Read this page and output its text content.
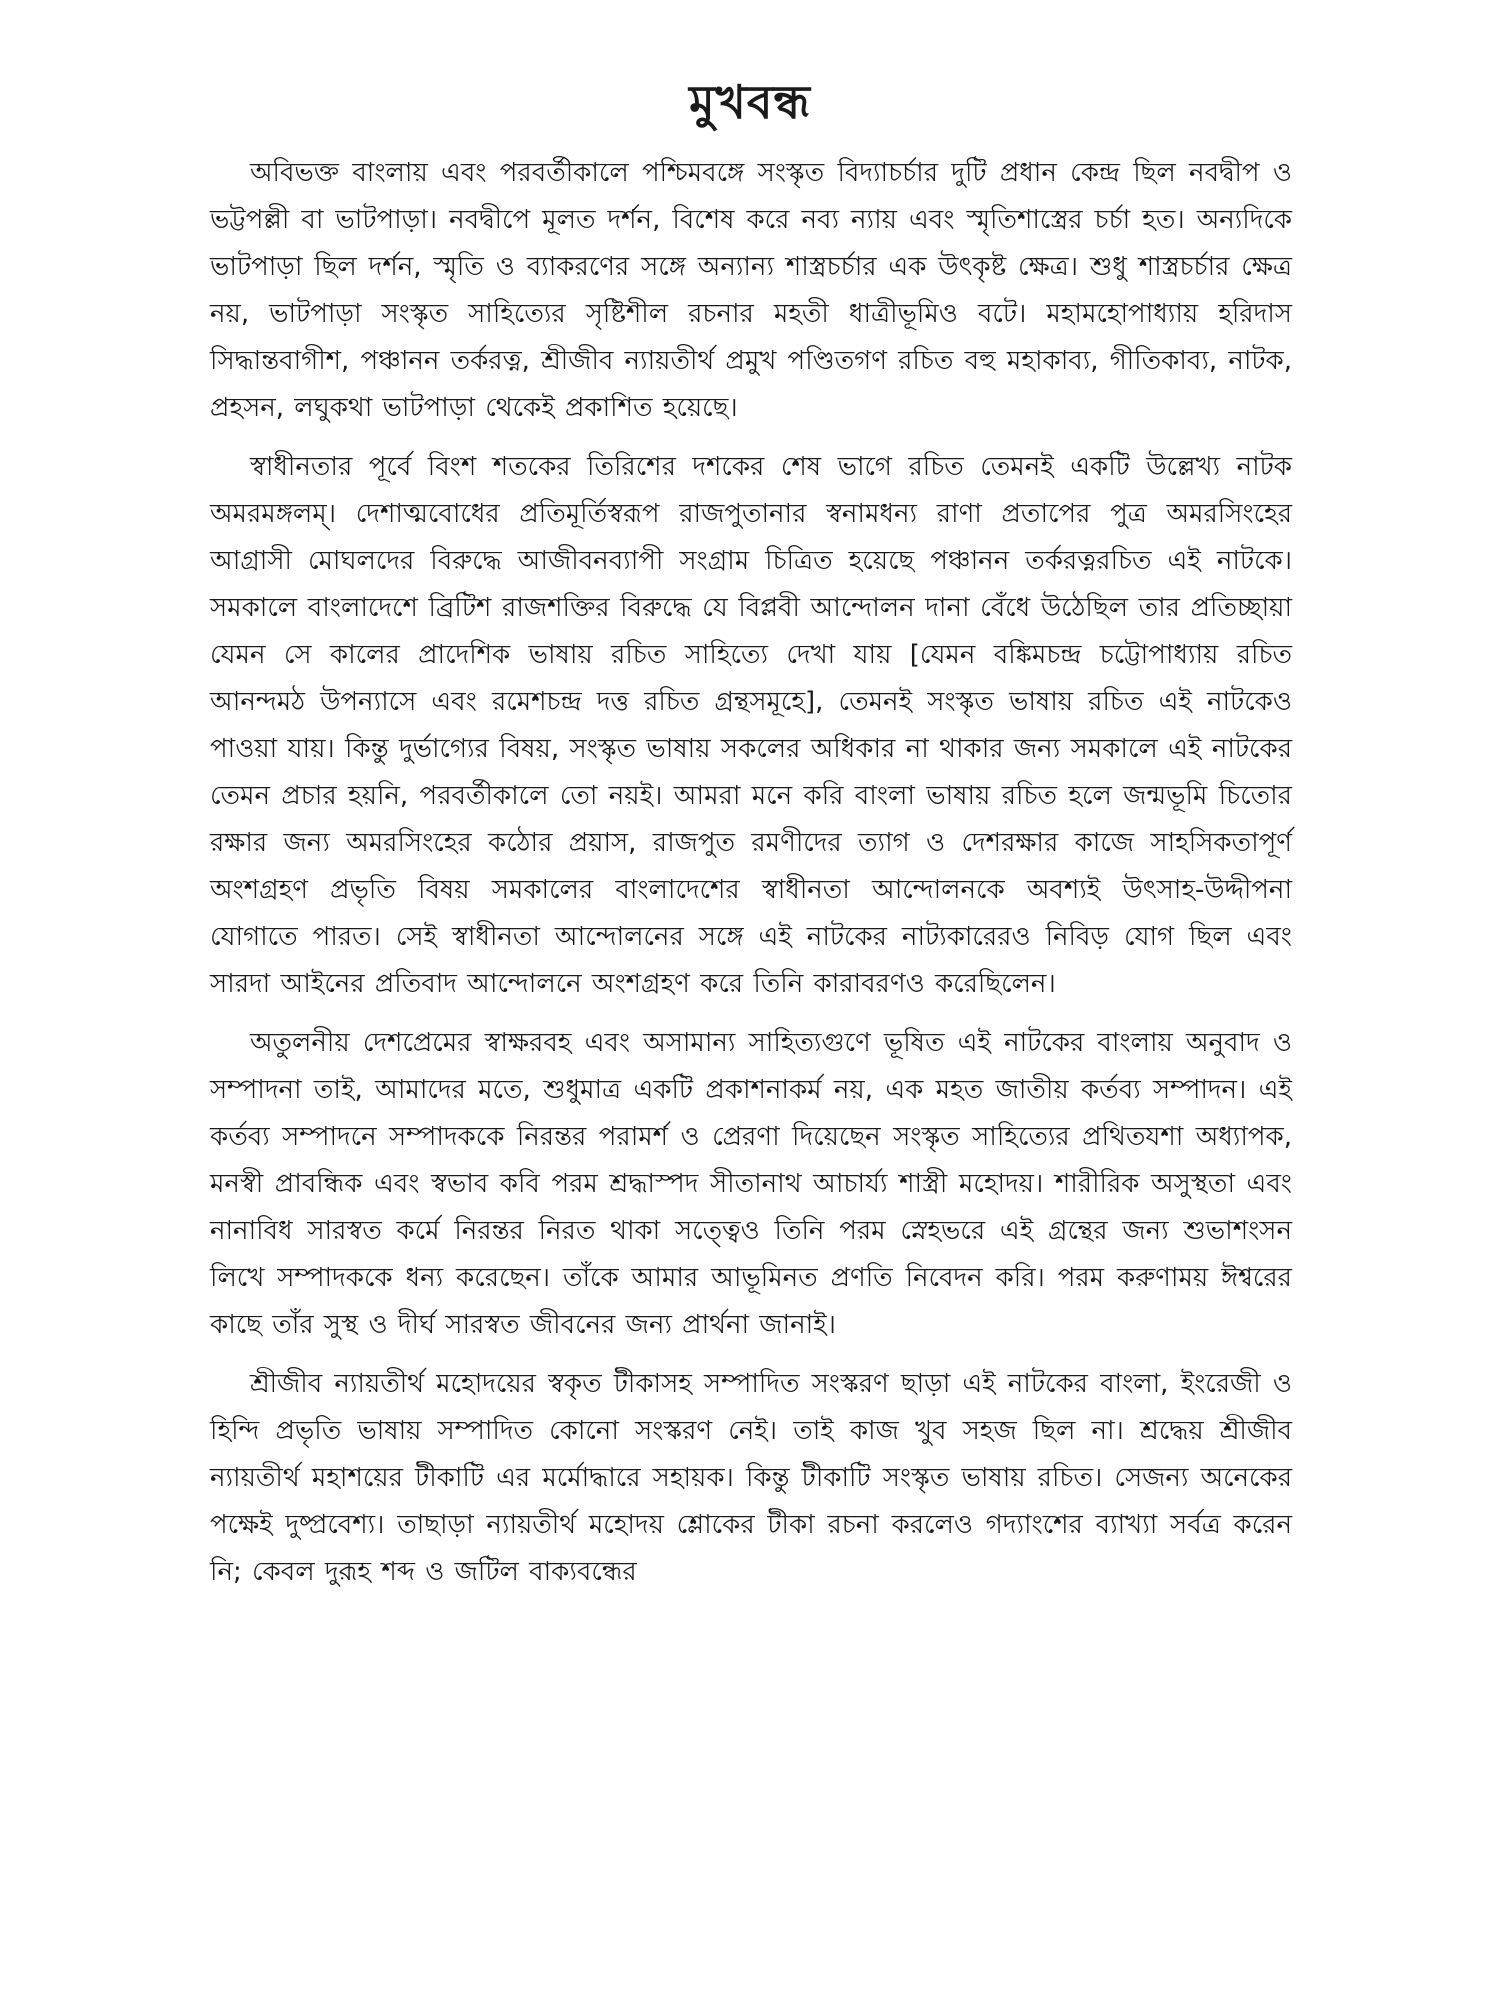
মুখবন্ধ

অবিভক্ত বাংলায় এবং পরবর্তীকালে পশ্চিমবঙ্গে সংস্কৃত বিদ্যাচর্চার দুটি প্রধান কেন্দ্র ছিল নবদ্বীপ ও ভট্টপল্লী বা ভাটপাড়া। নবদ্বীপে মূলত দর্শন, বিশেষ করে নব্য ন্যায় এবং স্মৃতিশাস্ত্রের চর্চা হত। অন্যদিকে ভাটপাড়া ছিল দর্শন, স্মৃতি ও ব্যাকরণের সঙ্গে অন্যান্য শাস্ত্রচর্চার এক উৎকৃষ্ট ক্ষেত্র। শুধু শাস্ত্রচর্চার ক্ষেত্র নয়, ভাটপাড়া সংস্কৃত সাহিত্যের সৃষ্টিশীল রচনার মহতী ধাত্রীভূমিও বটে। মহামহোপাধ্যায় হরিদাস সিদ্ধান্তবাগীশ, পঞ্চানন তর্করত্ন, শ্রীজীব ন্যায়তীর্থ প্রমুখ পণ্ডিতগণ রচিত বহু মহাকাব্য, গীতিকাব্য, নাটক, প্রহসন, লঘুকথা ভাটপাড়া থেকেই প্রকাশিত হয়েছে।

স্বাধীনতার পূর্বে বিংশ শতকের তিরিশের দশকের শেষ ভাগে রচিত তেমনই একটি উল্লেখ্য নাটক অমরমঙ্গলম্। দেশাত্মবোধের প্রতিমূর্তিস্বরূপ রাজপুতানার স্বনামধন্য রাণা প্রতাপের পুত্র অমরসিংহের আগ্রাসী মোঘলদের বিরুদ্ধে আজীবনব্যাপী সংগ্রাম চিত্রিত হয়েছে পঞ্চানন তর্করত্নরচিত এই নাটকে। সমকালে বাংলাদেশে ব্রিটিশ রাজশক্তির বিরুদ্ধে যে বিপ্লবী আন্দোলন দানা বেঁধে উঠেছিল তার প্রতিচ্ছায়া যেমন সে কালের প্রাদেশিক ভাষায় রচিত সাহিত্যে দেখা যায় [যেমন বঙ্কিমচন্দ্র চট্টোপাধ্যায় রচিত আনন্দমঠ উপন্যাসে এবং রমেশচন্দ্র দত্ত রচিত গ্রন্থসমূহে], তেমনই সংস্কৃত ভাষায় রচিত এই নাটকেও পাওয়া যায়। কিন্তু দুর্ভাগ্যের বিষয়, সংস্কৃত ভাষায় সকলের অধিকার না থাকার জন্য সমকালে এই নাটকের তেমন প্রচার হয়নি, পরবর্তীকালে তো নয়ই। আমরা মনে করি বাংলা ভাষায় রচিত হলে জন্মভূমি চিতোর রক্ষার জন্য অমরসিংহের কঠোর প্রয়াস, রাজপুত রমণীদের ত্যাগ ও দেশরক্ষার কাজে সাহসিকতাপূর্ণ অংশগ্রহণ প্রভৃতি বিষয় সমকালের বাংলাদেশের স্বাধীনতা আন্দোলনকে অবশ্যই উৎসাহ-উদ্দীপনা যোগাতে পারত। সেই স্বাধীনতা আন্দোলনের সঙ্গে এই নাটকের নাট্যকারেরও নিবিড় যোগ ছিল এবং সারদা আইনের প্রতিবাদ আন্দোলনে অংশগ্রহণ করে তিনি কারাবরণও করেছিলেন।

অতুলনীয় দেশপ্রেমের স্বাক্ষরবহ এবং অসামান্য সাহিত্যগুণে ভূষিত এই নাটকের বাংলায় অনুবাদ ও সম্পাদনা তাই, আমাদের মতে, শুধুমাত্র একটি প্রকাশনাকর্ম নয়, এক মহত জাতীয় কর্তব্য সম্পাদন। এই কর্তব্য সম্পাদনে সম্পাদককে নিরন্তর পরামর্শ ও প্রেরণা দিয়েছেন সংস্কৃত সাহিত্যের প্রথিতযশা অধ্যাপক, মনস্বী প্রাবন্ধিক এবং স্বভাব কবি পরম শ্রদ্ধাস্পদ সীতানাথ আচার্য্য শাস্ত্রী মহোদয়। শারীরিক অসুস্থতা এবং নানাবিধ সারস্বত কর্মে নিরন্তর নিরত থাকা সত্ত্বেও তিনি পরম স্নেহভরে এই গ্রন্থের জন্য শুভাশংসন লিখে সম্পাদককে ধন্য করেছেন। তাঁকে আমার আভূমিনত প্রণতি নিবেদন করি। পরম করুণাময় ঈশ্বরের কাছে তাঁর সুস্থ ও দীর্ঘ সারস্বত জীবনের জন্য প্রার্থনা জানাই।

শ্রীজীব ন্যায়তীর্থ মহোদয়ের স্বকৃত টীকাসহ সম্পাদিত সংস্করণ ছাড়া এই নাটকের বাংলা, ইংরেজী ও হিন্দি প্রভৃতি ভাষায় সম্পাদিত কোনো সংস্করণ নেই। তাই কাজ খুব সহজ ছিল না। শ্রদ্ধেয় শ্রীজীব ন্যায়তীর্থ মহাশয়ের টীকাটি এর মর্মোদ্ধারে সহায়ক। কিন্তু টীকাটি সংস্কৃত ভাষায় রচিত। সেজন্য অনেকের পক্ষেই দুষ্প্রবেশ্য। তাছাড়া ন্যায়তীর্থ মহোদয় শ্লোকের টীকা রচনা করলেও গদ্যাংশের ব্যাখ্যা সর্বত্র করেন নি; কেবল দুরূহ শব্দ ও জটিল বাক্যবন্ধের
